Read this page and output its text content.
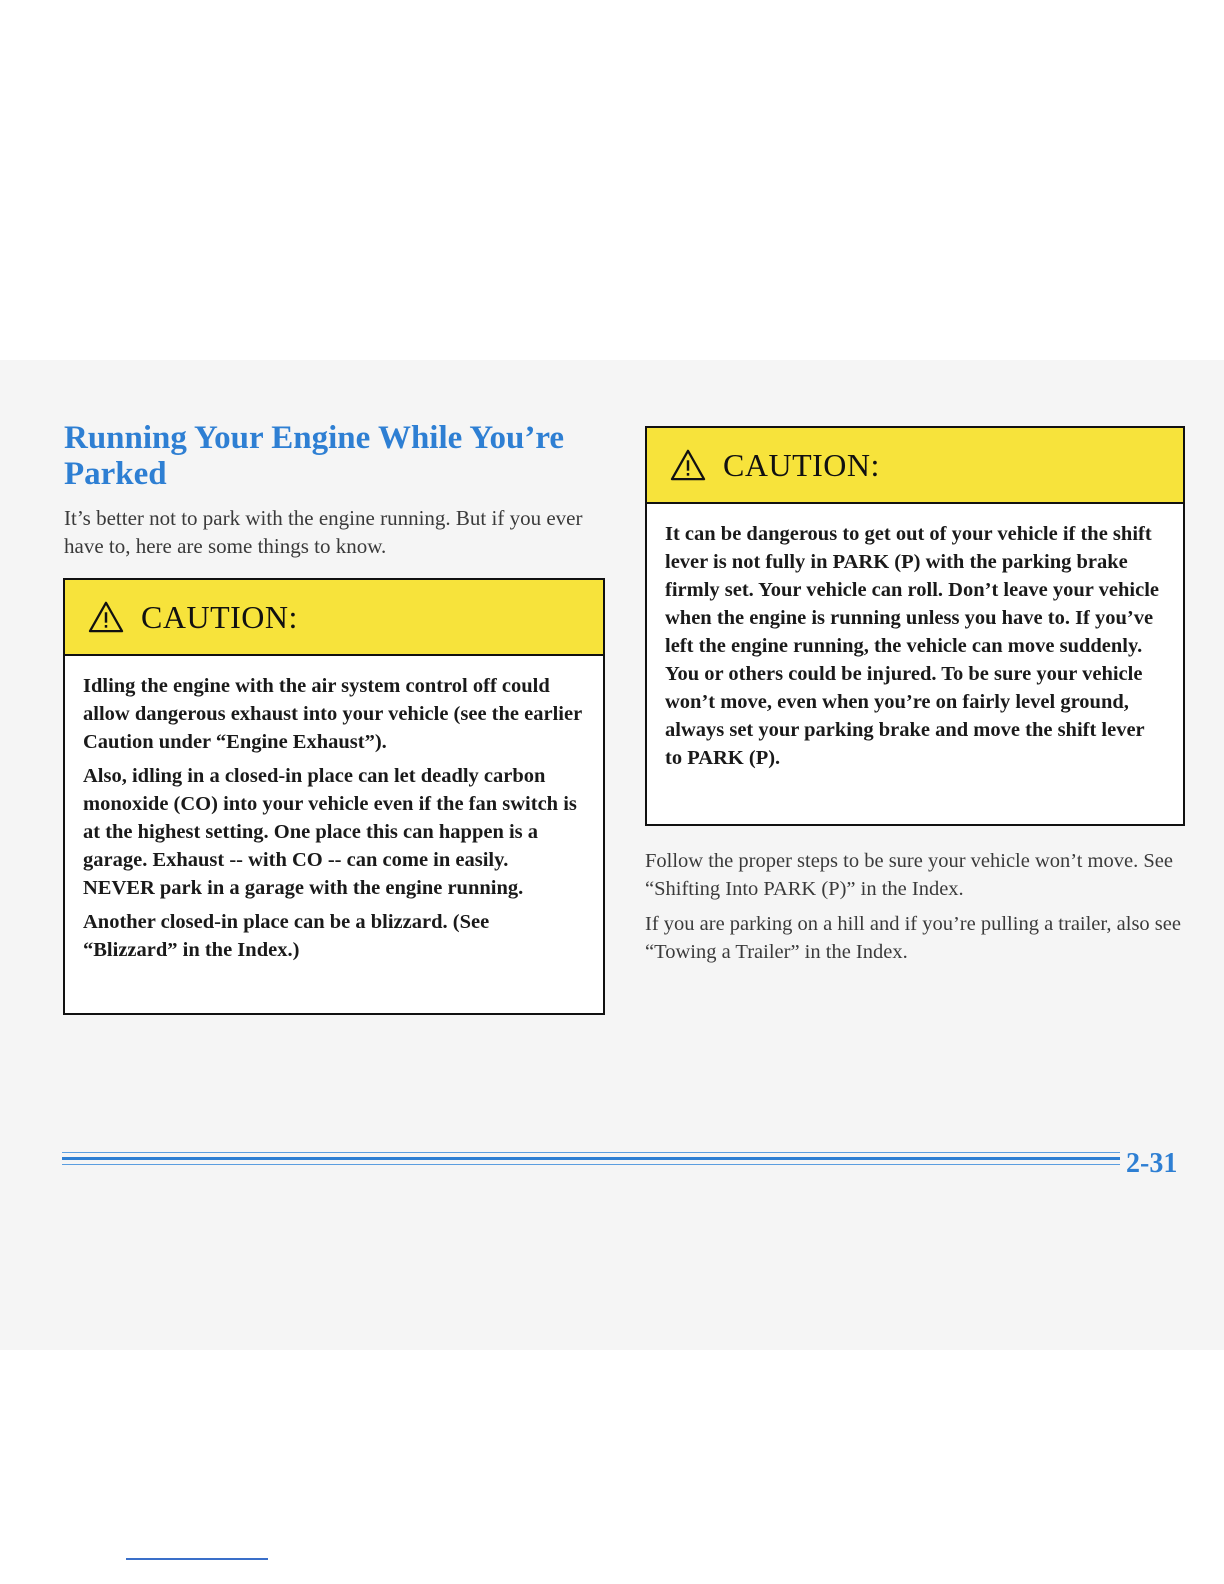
Running Your Engine While You’re Parked

It’s better not to park with the engine running. But if you ever have to, here are some things to know.

CAUTION:

Idling the engine with the air system control off could allow dangerous exhaust into your vehicle (see the earlier Caution under “Engine Exhaust”).

Also, idling in a closed-in place can let deadly carbon monoxide (CO) into your vehicle even if the fan switch is at the highest setting. One place this can happen is a garage. Exhaust -- with CO -- can come in easily. NEVER park in a garage with the engine running.

Another closed-in place can be a blizzard. (See “Blizzard” in the Index.)

CAUTION:

It can be dangerous to get out of your vehicle if the shift lever is not fully in PARK (P) with the parking brake firmly set. Your vehicle can roll. Don’t leave your vehicle when the engine is running unless you have to. If you’ve left the engine running, the vehicle can move suddenly. You or others could be injured. To be sure your vehicle won’t move, even when you’re on fairly level ground, always set your parking brake and move the shift lever to PARK (P).

Follow the proper steps to be sure your vehicle won’t move. See “Shifting Into PARK (P)” in the Index.

If you are parking on a hill and if you’re pulling a trailer, also see “Towing a Trailer” in the Index.

2-31
